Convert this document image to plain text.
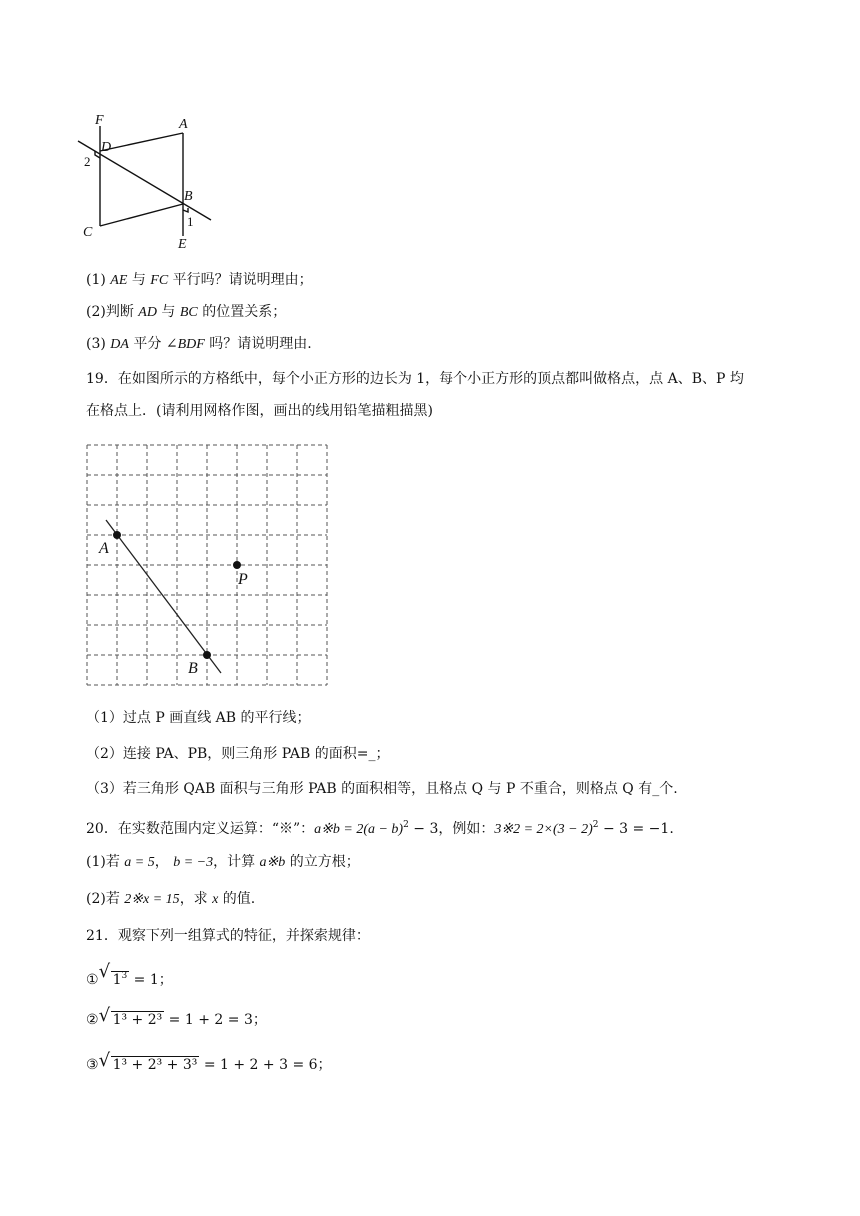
F	A
D
B
C
E
2
1
(1) AE 与 FC 平行吗？请说明理由；
(2)判断 AD 与 BC 的位置关系；
(3) DA 平分 ∠BDF 吗？请说明理由.
19．在如图所示的方格纸中，每个小正方形的边长为 1，每个小正方形的顶点都叫做格点，点 A、B、P 均
在格点上．(请利用网格作图，画出的线用铅笔描粗描黑)
A
P
B
（1）过点 P 画直线 AB 的平行线；
（2）连接 PA、PB，则三角形 PAB 的面积=_；
（3）若三角形 QAB 面积与三角形 PAB 的面积相等，且格点 Q 与 P 不重合，则格点 Q 有_个.
20．在实数范围内定义运算：“※”：a※b = $2(a - b)^2 - 3$，例如：3※2 = $2\times(3 - 2)^2 - 3 = -1$.
(1)若 a = 5， b = −3，计算 a※b 的立方根；
(2)若 2※x = 15，求 x 的值.
21．观察下列一组算式的特征，并探索规律：
① √ $1^3 = 1$；
② √ 1³ + 2³ = 1 + 2 = 3；
③ √ 1³ + 2³ + 3³ = 1 + 2 + 3 = 6；
